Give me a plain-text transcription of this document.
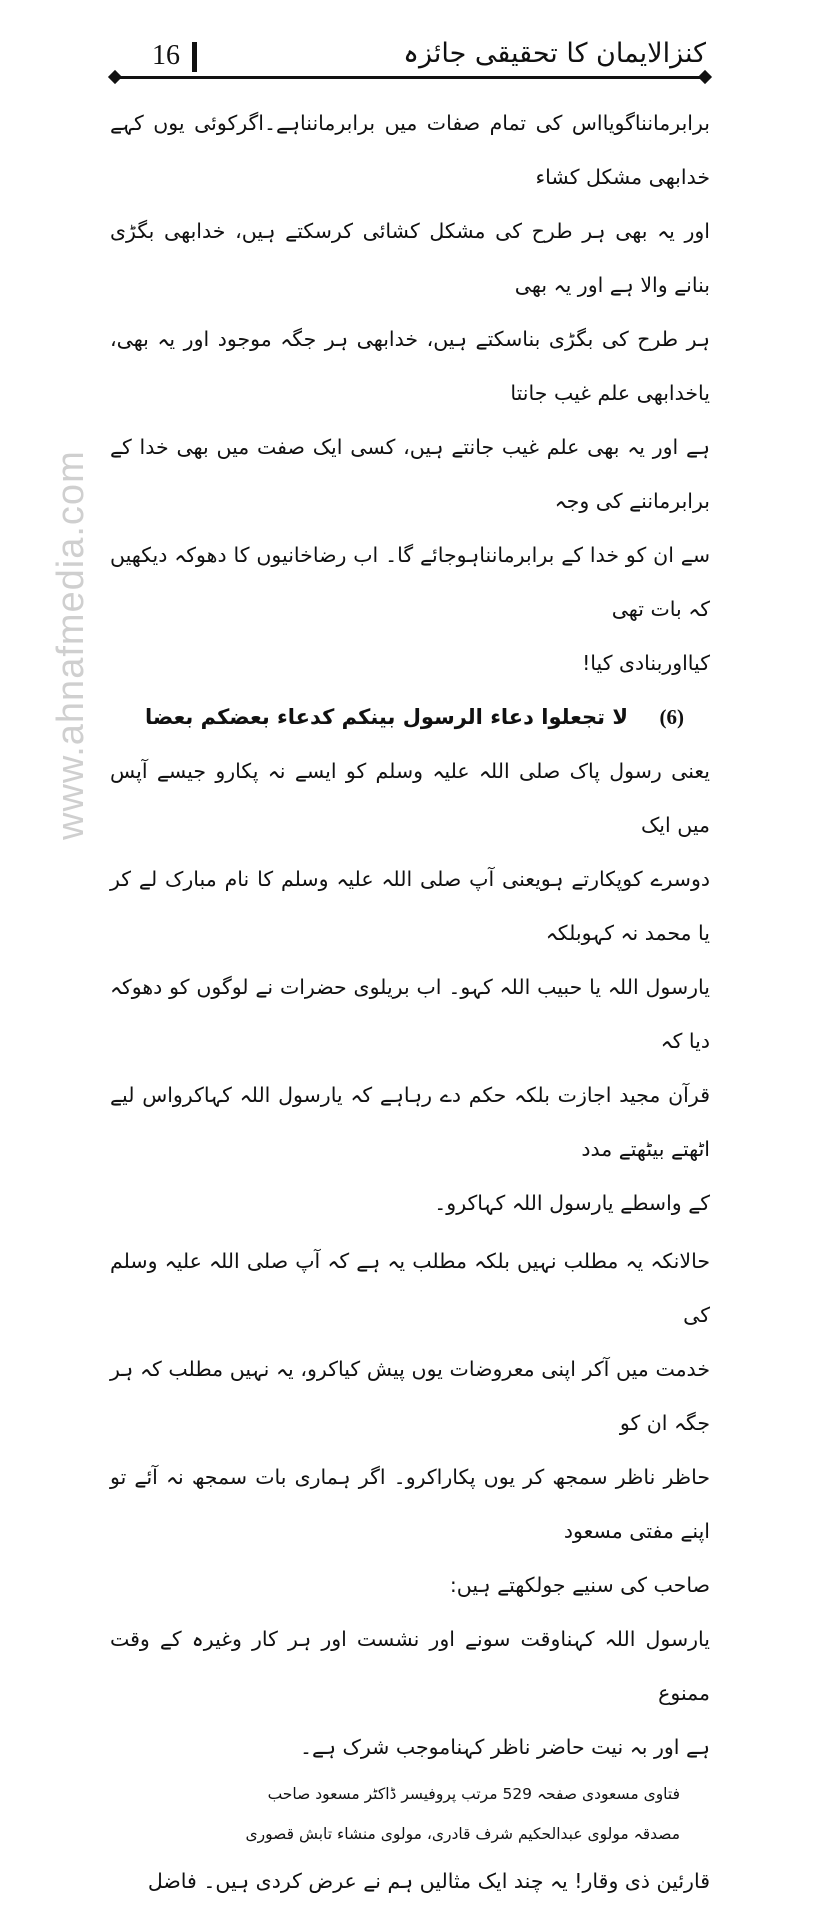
16	کنزالایمان کا تحقیقی جائزہ
www.ahnafmedia.com

برابرمانناگویااس کی تمام صفات میں برابرمانناہے۔اگرکوئی یوں کہے خدابھی مشکل کشاء

اور یہ بھی ہر طرح کی مشکل کشائی کرسکتے ہیں، خدابھی بگڑی بنانے والا ہے اور یہ بھی

ہر طرح کی بگڑی بناسکتے ہیں، خدابھی ہر جگہ موجود اور یہ بھی، یاخدابھی علم غیب جانتا

ہے اور یہ بھی علم غیب جانتے ہیں، کسی ایک صفت میں بھی خدا کے برابرماننے کی وجہ

سے ان کو خدا کے برابرمانناہوجائے گا۔ اب رضاخانیوں کا دھوکہ دیکھیں کہ بات تھی

کیااوربنادی کیا!

(6)
لا تجعلوا دعاء الرسول بينكم كدعاء بعضكم بعضا

یعنی رسول پاک صلی اللہ علیہ وسلم کو ایسے نہ پکارو جیسے آپس میں ایک

دوسرے کوپکارتے ہویعنی آپ صلی اللہ علیہ وسلم کا نام مبارک لے کر یا محمد نہ کہوبلکہ

یارسول اللہ یا حبیب اللہ کہو۔ اب بریلوی حضرات نے لوگوں کو دھوکہ دیا کہ

قرآن مجید اجازت بلکہ حکم دے رہاہے کہ یارسول اللہ کہاکرواس لیے اٹھتے بیٹھتے مدد

کے واسطے یارسول اللہ کہاکرو۔

حالانکہ یہ مطلب نہیں بلکہ مطلب یہ ہے کہ آپ صلی اللہ علیہ وسلم کی

خدمت میں آکر اپنی معروضات یوں پیش کیاکرو، یہ نہیں مطلب کہ ہر جگہ ان کو

حاظر ناظر سمجھ کر یوں پکاراکرو۔ اگر ہماری بات سمجھ نہ آئے تو اپنے مفتی مسعود

صاحب کی سنیے جولکھتے ہیں:

یارسول اللہ کہناوقت سونے اور نشست اور ہر کار وغیرہ کے وقت ممنوع

ہے اور بہ نیت حاضر ناظر کہناموجب شرک ہے۔

فتاوی مسعودی صفحہ 529 مرتب پروفیسر ڈاکٹر مسعود صاحب

مصدقہ مولوی عبدالحکیم شرف قادری، مولوی منشاء تابش قصوری

قارئین ذی وقار! یہ چند ایک مثالیں ہم نے عرض کردی ہیں۔ فاضل
